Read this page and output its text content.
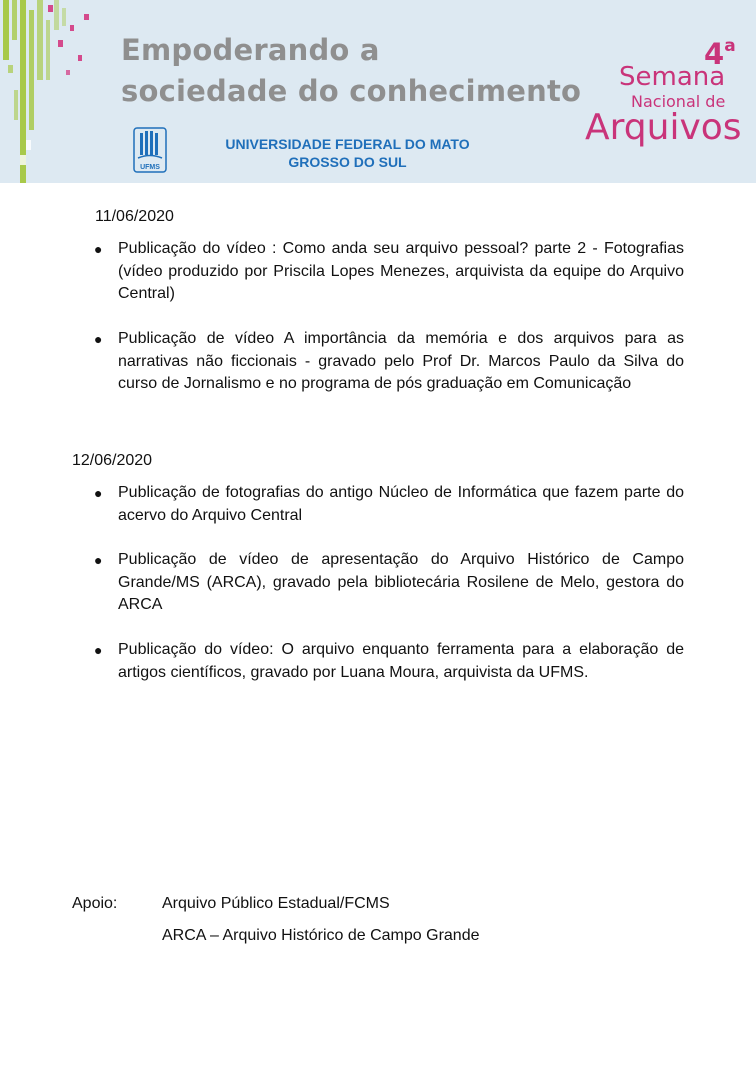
Empoderando a
sociedade do conhecimento
UFMS
UNIVERSIDADE FEDERAL DO MATO
GROSSO DO SUL
4$^a$
Semana
Nacional de
Arquivos
11/06/2020
● Publicação do vídeo : Como anda seu arquivo pessoal? parte 2 - Fotografias (vídeo produzido por Priscila Lopes Menezes, arquivista da equipe do Arquivo Central)
● Publicação de vídeo A importância da memória e dos arquivos para as narrativas não ficcionais - gravado pelo Prof Dr. Marcos Paulo da Silva do curso de Jornalismo e no programa de pós graduação em Comunicação
12/06/2020
● Publicação de fotografias do antigo Núcleo de Informática que fazem parte do acervo do Arquivo Central
● Publicação de vídeo de apresentação do Arquivo Histórico de Campo Grande/MS (ARCA), gravado pela bibliotecária Rosilene de Melo, gestora do ARCA
● Publicação do vídeo: O arquivo enquanto ferramenta para a elaboração de artigos científicos, gravado por Luana Moura, arquivista da UFMS.
Apoio:	Arquivo Público Estadual/FCMS
ARCA – Arquivo Histórico de Campo Grande
